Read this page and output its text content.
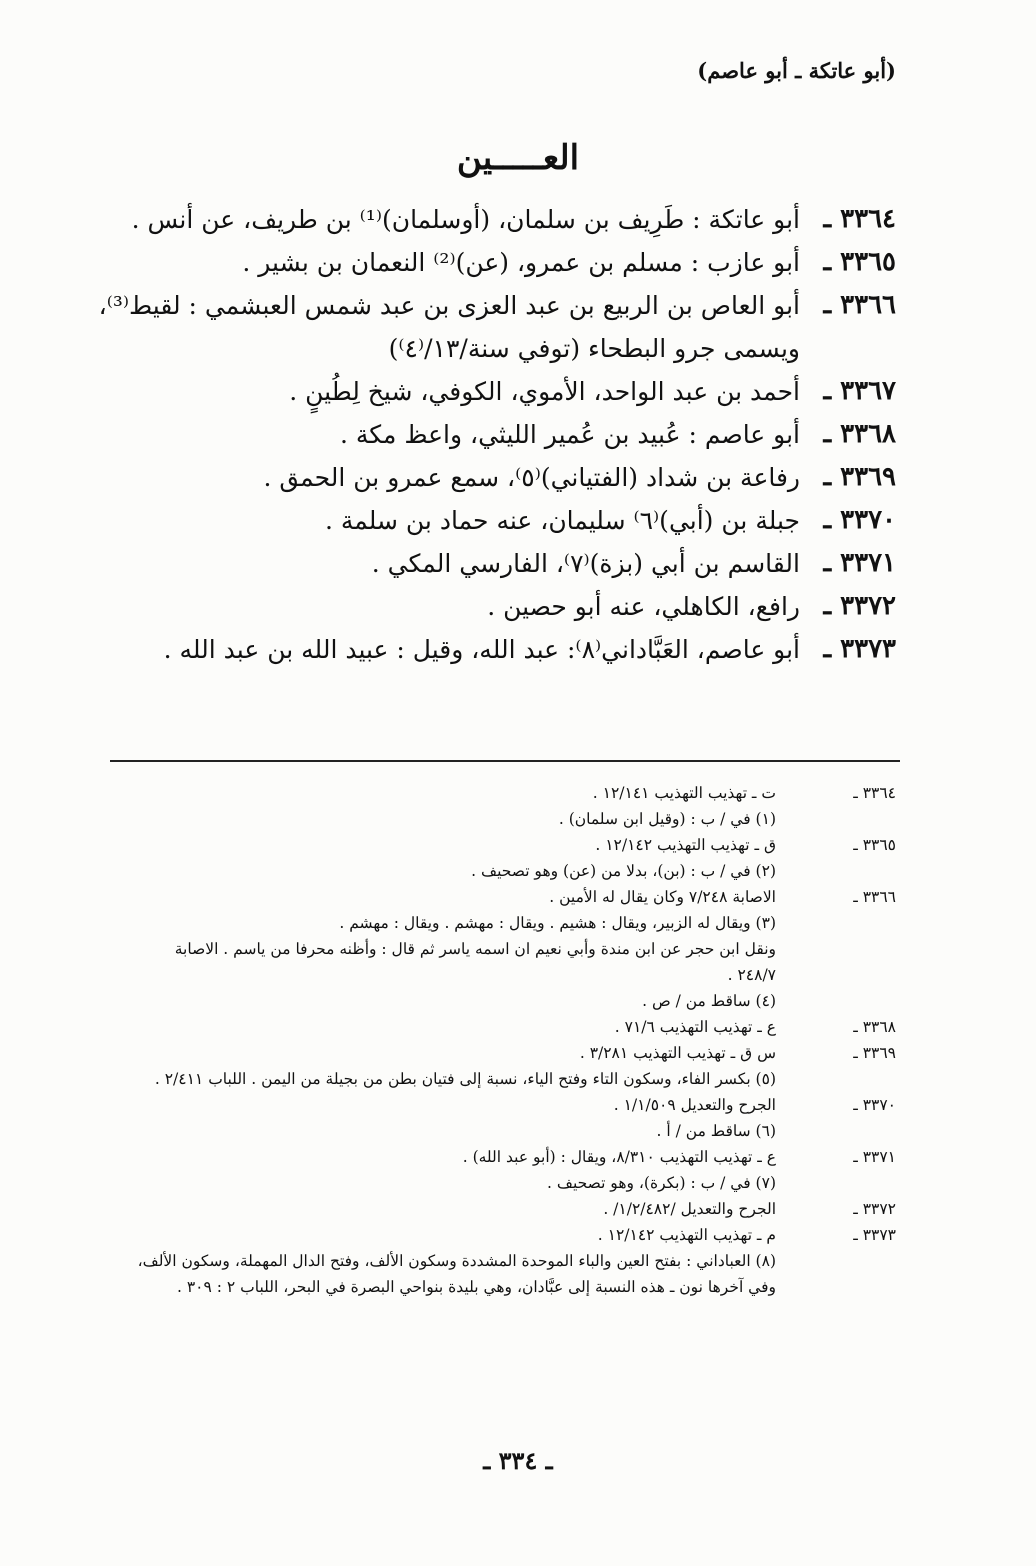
(أبو عاتكة ـ أبو عاصم)
العـــــين
٣٣٦٤ ـ
أبو عاتكة : طَرِيف بن سلمان، (أوسلمان)⁽¹⁾ بن طريف، عن أنس .
٣٣٦٥ ـ
أبو عازب : مسلم بن عمرو، (عن)⁽²⁾ النعمان بن بشير .
٣٣٦٦ ـ
أبو العاص بن الربيع بن عبد العزى بن عبد شمس العبشمي : لقيط⁽³⁾،
ويسمى جرو البطحاء (توفي سنة/١٣/⁽٤⁾)
٣٣٦٧ ـ
أحمد بن عبد الواحد، الأموي، الكوفي، شيخ لِطُينٍ .
٣٣٦٨ ـ
أبو عاصم : عُبيد بن عُمير الليثي، واعظ مكة .
٣٣٦٩ ـ
رفاعة بن شداد (الفتياني)⁽٥⁾، سمع عمرو بن الحمق .
٣٣٧٠ ـ
جبلة بن (أبي)⁽٦⁾ سليمان، عنه حماد بن سلمة .
٣٣٧١ ـ
القاسم بن أبي (بزة)⁽٧⁾، الفارسي المكي .
٣٣٧٢ ـ
رافع، الكاهلي، عنه أبو حصين .
٣٣٧٣ ـ
أبو عاصم، العَبَّاداني⁽٨⁾: عبد الله، وقيل : عبيد الله بن عبد الله .
٣٣٦٤ ـ
ت ـ تهذيب التهذيب ١٢/١٤١ .
(١) في / ب : (وقيل ابن سلمان) .
٣٣٦٥ ـ
ق ـ تهذيب التهذيب ١٢/١٤٢ .
(٢) في / ب : (بن)، بدلا من (عن) وهو تصحيف .
٣٣٦٦ ـ
الاصابة ٧/٢٤٨ وكان يقال له الأمين .
(٣) ويقال له الزبير، ويقال : هشيم . ويقال : مهشم . ويقال : مهشم .
ونقل ابن حجر عن ابن مندة وأبي نعيم ان اسمه ياسر ثم قال : وأظنه محرفا من ياسم . الاصابة
٢٤٨/٧ .
(٤) ساقط من / ص .
٣٣٦٨ ـ
ع ـ تهذيب التهذيب ٧١/٦ .
٣٣٦٩ ـ
س ق ـ تهذيب التهذيب ٣/٢٨١ .
(٥) بكسر الفاء، وسكون التاء وفتح الياء، نسبة إلى فتيان بطن من بجيلة من اليمن . اللباب ٢/٤١١ .
٣٣٧٠ ـ
الجرح والتعديل ١/١/٥٠٩ .
(٦) ساقط من / أ .
٣٣٧١ ـ
ع ـ تهذيب التهذيب ٨/٣١٠، ويقال : (أبو عبد الله) .
(٧) في / ب : (بكرة)، وهو تصحيف .
٣٣٧٢ ـ
الجرح والتعديل /١/٢/٤٨٢/ .
٣٣٧٣ ـ
م ـ تهذيب التهذيب ١٢/١٤٢ .
(٨) العباداني : بفتح العين والباء الموحدة المشددة وسكون الألف، وفتح الدال المهملة، وسكون الألف،
وفي آخرها نون ـ هذه النسبة إلى عبَّادان، وهي بليدة بنواحي البصرة في البحر، اللباب ٢ : ٣٠٩ .
ـ ٣٣٤ ـ
